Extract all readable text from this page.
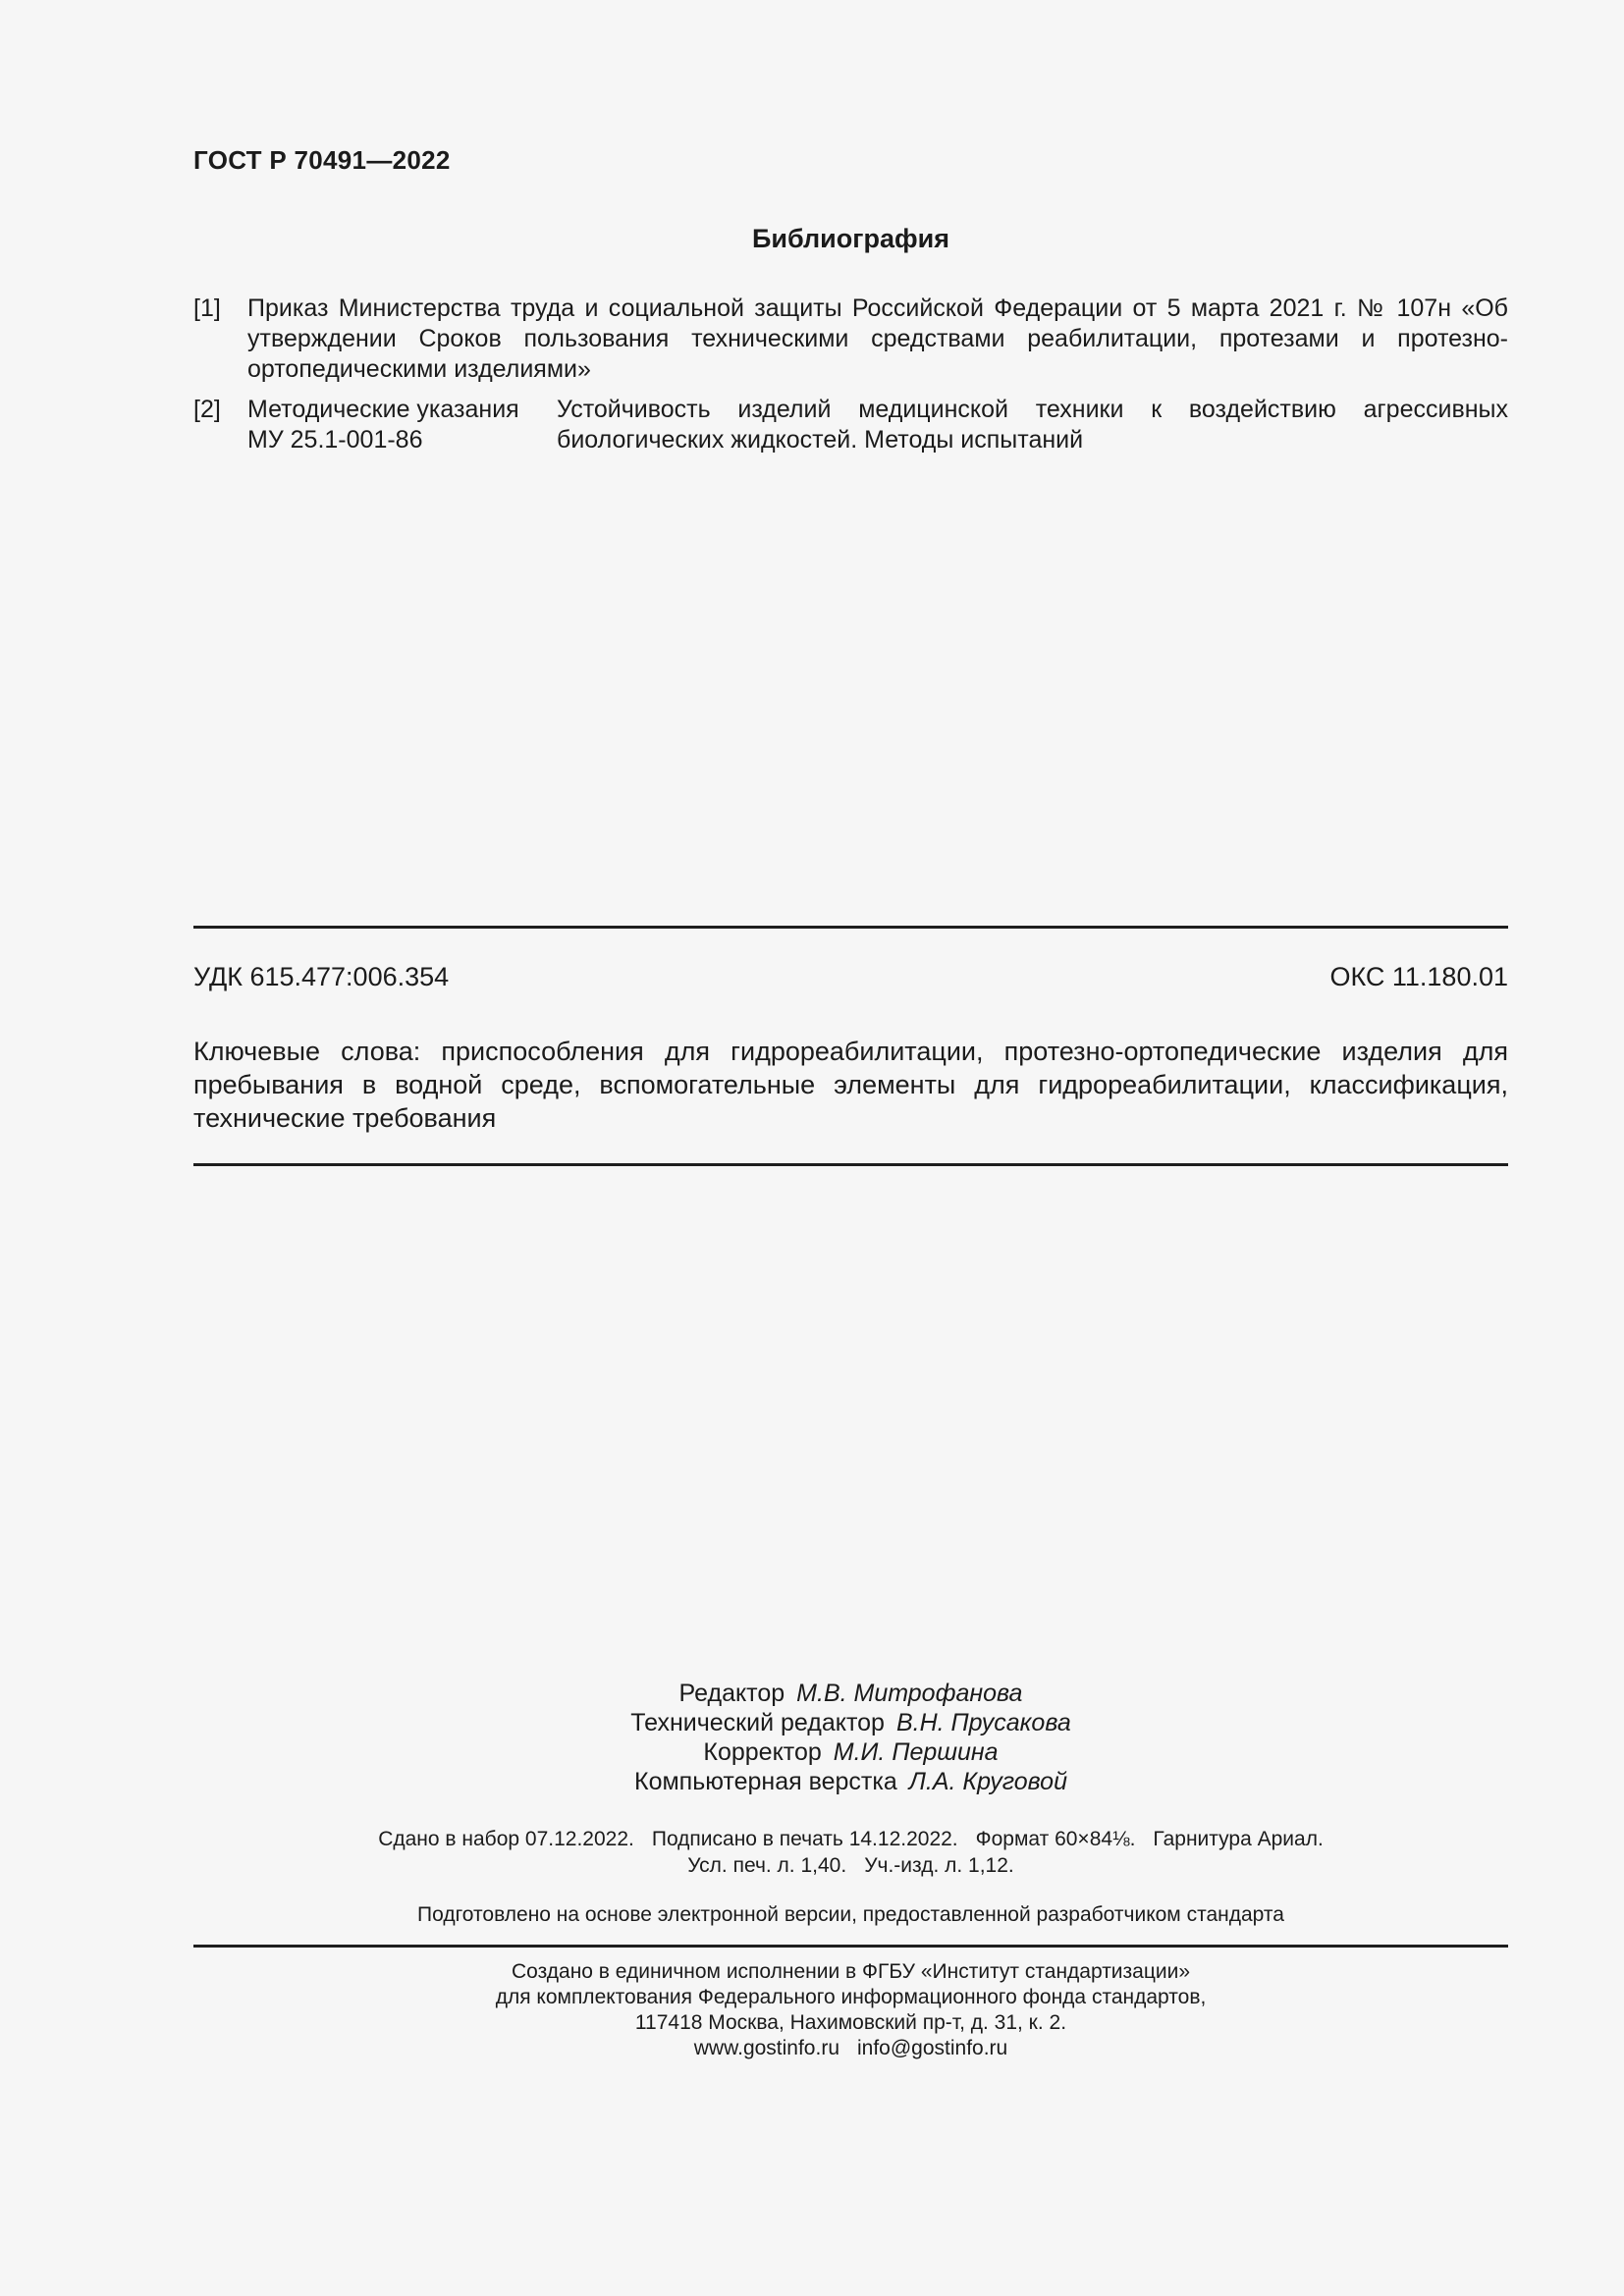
ГОСТ Р 70491—2022
Библиография
[1] Приказ Министерства труда и социальной защиты Российской Федерации от 5 марта 2021 г. № 107н «Об утверждении Сроков пользования техническими средствами реабилитации, протезами и протезно-ортопедическими изделиями»
[2] Методические указания
МУ 25.1-001-86
Устойчивость изделий медицинской техники к воздействию агрессивных биологических жидкостей. Методы испытаний
УДК 615.477:006.354	ОКС 11.180.01
Ключевые слова: приспособления для гидрореабилитации, протезно-ортопедические изделия для пребывания в водной среде, вспомогательные элементы для гидрореабилитации, классификация, технические требования
Редактор М.В. Митрофанова
Технический редактор В.Н. Прусакова
Корректор М.И. Першина
Компьютерная верстка Л.А. Круговой
Сдано в набор 07.12.2022. Подписано в печать 14.12.2022. Формат 60×84⅛. Гарнитура Ариал.
Усл. печ. л. 1,40. Уч.-изд. л. 1,12.
Подготовлено на основе электронной версии, предоставленной разработчиком стандарта
Создано в единичном исполнении в ФГБУ «Институт стандартизации»
для комплектования Федерального информационного фонда стандартов,
117418 Москва, Нахимовский пр-т, д. 31, к. 2.
www.gostinfo.ru info@gostinfo.ru
